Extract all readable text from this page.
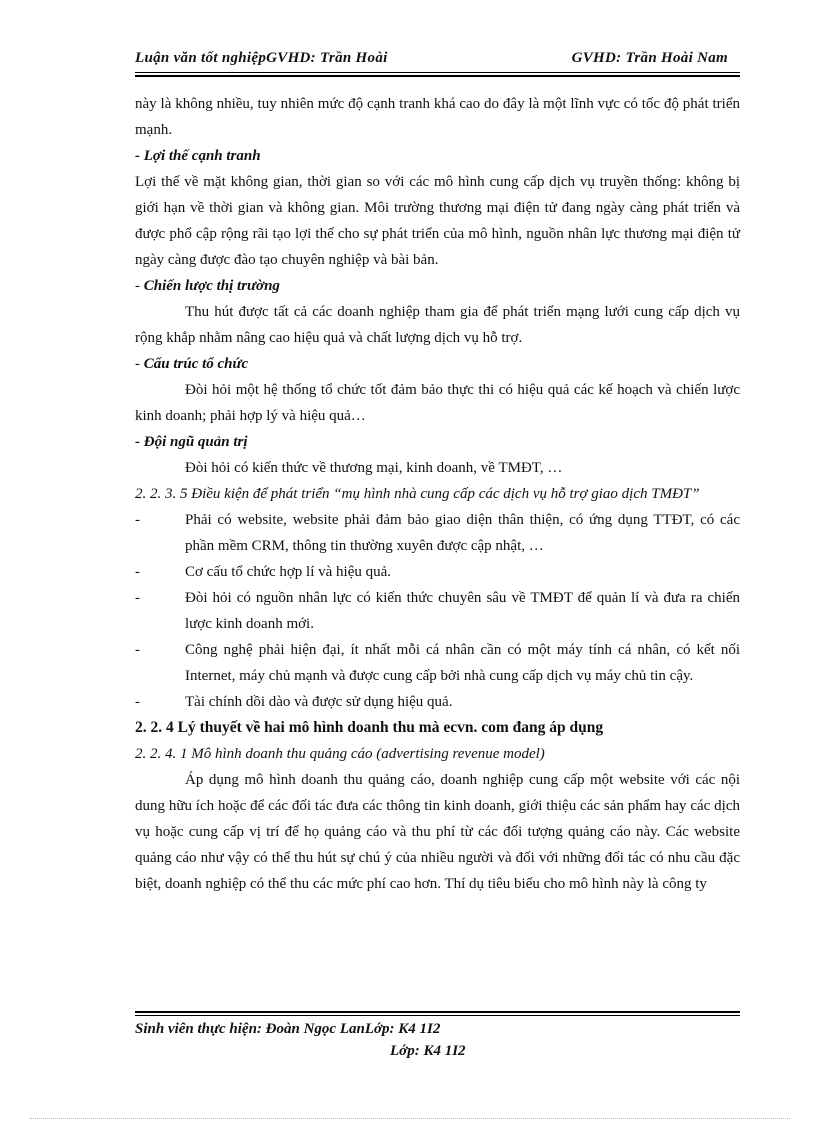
Luận văn tốt nghiệpGVHD: Trần Hoài	GVHD: Trần Hoài Nam

này là không nhiều, tuy nhiên mức độ cạnh tranh khá cao do đây là một lĩnh vực có tốc độ phát triển mạnh.

- Lợi thế cạnh tranh

Lợi thế về mặt không gian, thời gian so với các mô hình cung cấp dịch vụ truyền thống: không bị giới hạn về thời gian và không gian. Môi trường thương mại điện tử đang ngày càng phát triển và được phổ cập rộng rãi tạo lợi thế cho sự phát triển của mô hình, nguồn nhân lực thương mại điện tử ngày càng được đào tạo chuyên nghiệp và bài bản.

- Chiến lược thị trường

Thu hút được tất cả các doanh nghiệp tham gia để phát triển mạng lưới cung cấp dịch vụ rộng khắp nhằm nâng cao hiệu quả và chất lượng dịch vụ hỗ trợ.

- Cấu trúc tổ chức

Đòi hỏi một hệ thống tổ chức tốt đảm bảo thực thi có hiệu quả các kế hoạch và chiến lược kinh doanh; phải hợp lý và hiệu quả…

- Đội ngũ quản trị

Đòi hỏi có kiến thức về thương mại, kinh doanh, về TMĐT, …

2. 2. 3. 5 Điều kiện để phát triển “mụ hình nhà cung cấp các dịch vụ hỗ trợ giao dịch TMĐT”

-	Phải có website, website phải đảm bảo giao diện thân thiện, có ứng dụng TTĐT, có các phần mềm CRM, thông tin thường xuyên được cập nhật, …
-	Cơ cấu tổ chức hợp lí và hiệu quả.
-	Đòi hỏi có nguồn nhân lực có kiến thức chuyên sâu về TMĐT để quản lí và đưa ra chiến lược kinh doanh mới.
-	Công nghệ phải hiện đại, ít nhất mỗi cá nhân cần có một máy tính cá nhân, có kết nối Internet, máy chủ mạnh và được cung cấp bởi nhà cung cấp dịch vụ máy chủ tin cậy.
-	Tài chính dồi dào và được sử dụng hiệu quả.

2. 2. 4 Lý thuyết về hai mô hình doanh thu mà ecvn. com đang áp dụng

2. 2. 4. 1 Mô hình doanh thu quảng cáo (advertising revenue model)

Áp dụng mô hình doanh thu quảng cáo, doanh nghiệp cung cấp một website với các nội dung hữu ích hoặc để các đối tác đưa các thông tin kinh doanh, giới thiệu các sản phẩm hay các dịch vụ hoặc cung cấp vị trí để họ quảng cáo và thu phí từ các đối tượng quảng cáo này. Các website quảng cáo như vậy có thể thu hút sự chú ý của nhiều người và đối với những đối tác có nhu cầu đặc biệt, doanh nghiệp có thể thu các mức phí cao hơn. Thí dụ tiêu biểu cho mô hình này là công ty

Sinh viên thực hiện: Đoàn Ngọc LanLớp: K4 1I2
Lớp: K4 1I2
